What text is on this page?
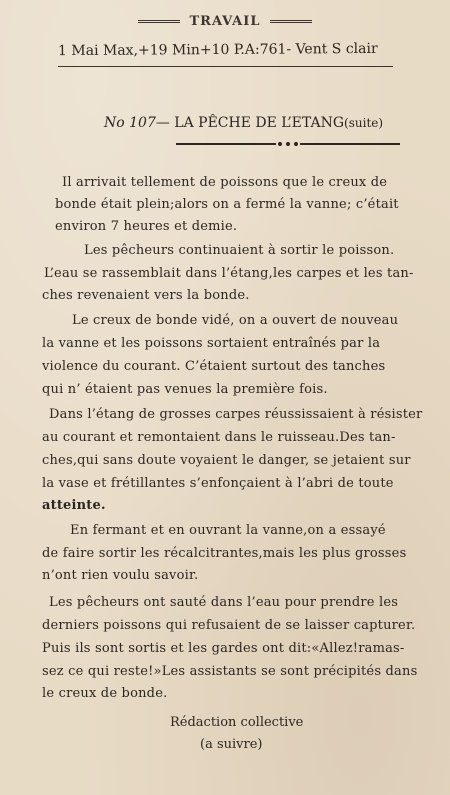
TRAVAIL
1 Mai Max,+19 Min+10 P.A:761- Vent S clair
No 107— LA PÊCHE DE L’ETANG(suite)
Il arrivait tellement de poissons que le creux de
bonde était plein;alors on a fermé la vanne; c’était
environ 7 heures et demie.
Les pêcheurs continuaient à sortir le poisson.
L’eau se rassemblait dans l’étang,les carpes et les tan-
ches revenaient vers la bonde.
Le creux de bonde vidé, on a ouvert de nouveau
la vanne et les poissons sortaient entraînés par la
violence du courant. C’étaient surtout des tanches
qui n’ étaient pas venues la première fois.
Dans l’étang de grosses carpes réussissaient à résister
au courant et remontaient dans le ruisseau.Des tan-
ches,qui sans doute voyaient le danger, se jetaient sur
la vase et frétillantes s’enfonçaient à l’abri de toute
atteinte.
En fermant et en ouvrant la vanne,on a essayé
de faire sortir les récalcitrantes,mais les plus grosses
n’ont rien voulu savoir.
Les pêcheurs ont sauté dans l’eau pour prendre les
derniers poissons qui refusaient de se laisser capturer.
Puis ils sont sortis et les gardes ont dit:«Allez!ramas-
sez ce qui reste!»Les assistants se sont précipités dans
le creux de bonde.
Rédaction collective
(a suivre)
